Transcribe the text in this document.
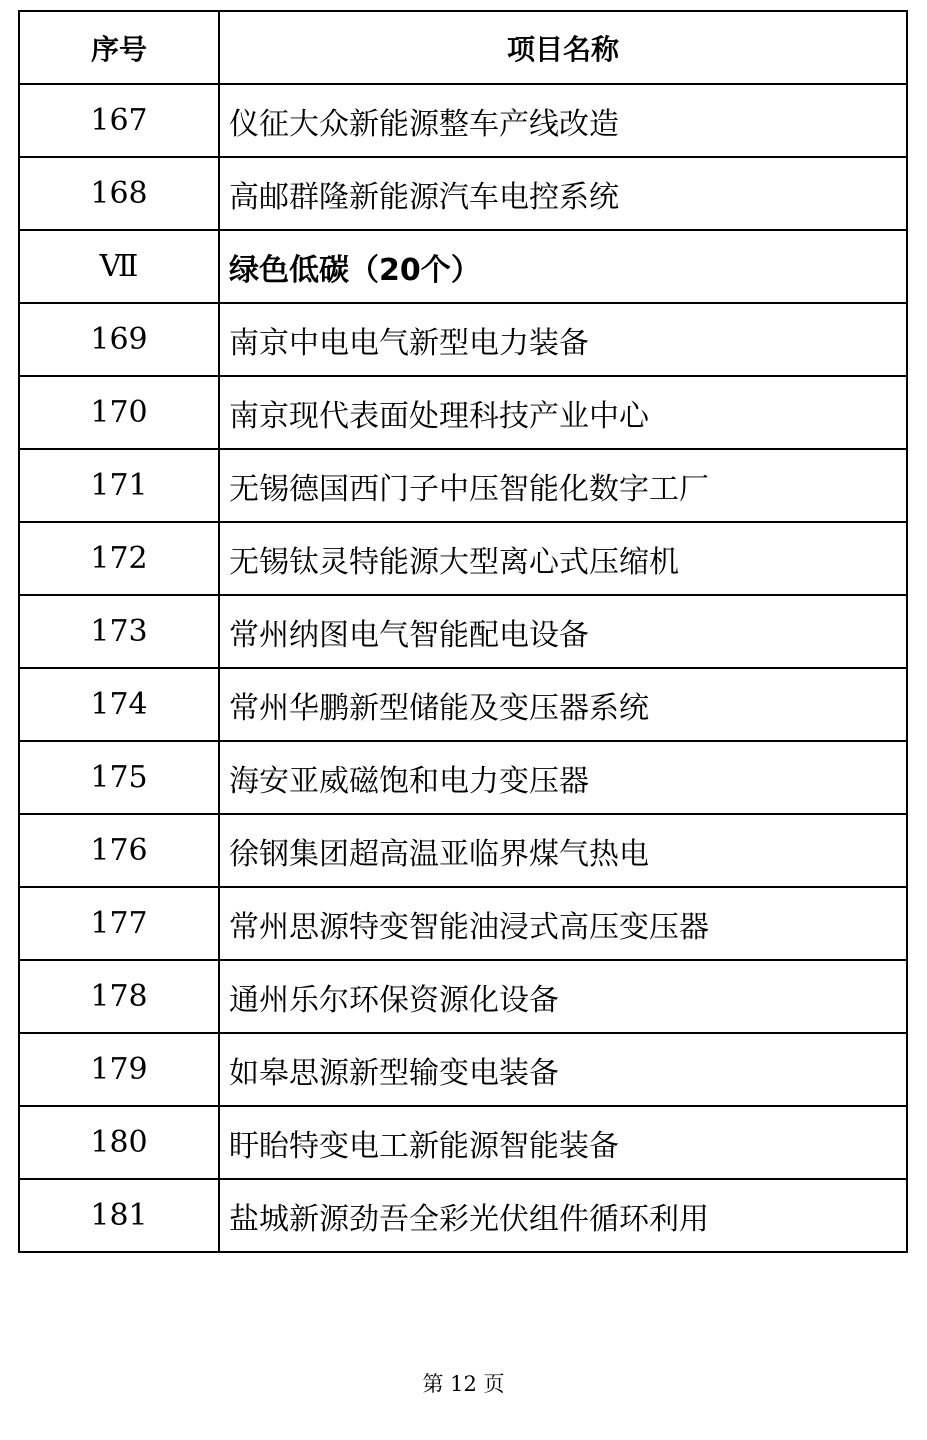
序号	项目名称
167	仪征大众新能源整车产线改造
168	高邮群隆新能源汽车电控系统
Ⅶ	绿色低碳（20个）
169	南京中电电气新型电力装备
170	南京现代表面处理科技产业中心
171	无锡德国西门子中压智能化数字工厂
172	无锡钛灵特能源大型离心式压缩机
173	常州纳图电气智能配电设备
174	常州华鹏新型储能及变压器系统
175	海安亚威磁饱和电力变压器
176	徐钢集团超高温亚临界煤气热电
177	常州思源特变智能油浸式高压变压器
178	通州乐尔环保资源化设备
179	如皋思源新型输变电装备
180	盱眙特变电工新能源智能装备
181	盐城新源劲吾全彩光伏组件循环利用
第 12 页
